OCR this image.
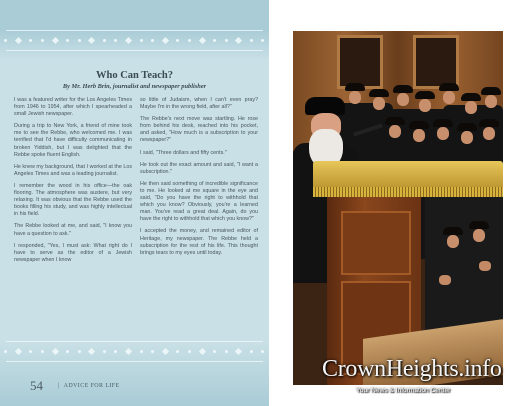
Who Can Teach?
By Mr. Herb Brin, journalist and newspaper publisher

I was a featured writer for the Los Angeles Times from 1946 to 1954, after which I spearheaded a small Jewish newspaper.

During a trip to New York, a friend of mine took me to see the Rebbe, who welcomed me. I was terrified that I'd have difficulty communicating in broken Yiddish, but I was delighted that the Rebbe spoke fluent English.

He knew my background, that I worked at the Los Angeles Times and was a leading journalist.

I remember the wood in his office—the oak flooring. The atmosphere was austere, but very relaxing. It was obvious that the Rebbe used the books filling his study, and was highly intellectual in his field.

The Rebbe looked at me, and said, "I know you have a question to ask."

I responded, "Yes, I must ask: What right do I have to serve as the editor of a Jewish newspaper when I know

so little of Judaism, when I can't even pray? Maybe I'm in the wrong field, after all?"

The Rebbe's next move was startling. He rose from behind his desk, reached into his pocket, and asked, "How much is a subscription to your newspaper?"

I said, "Three dollars and fifty cents."

He took out the exact amount and said, "I want a subscription."

He then said something of incredible significance to me. He looked at me square in the eye and said, "Do you have the right to withhold that which you know? Obviously, you're a learned man. You've read a great deal. Again, do you have the right to withhold that which you know?"

I accepted the money, and remained editor of Heritage, my newspaper. The Rebbe held a subscription for the rest of his life. This thought brings tears to my eyes until today.

54	| ADVICE FOR LIFE
CrownHeights.info
Your News & Information Center
